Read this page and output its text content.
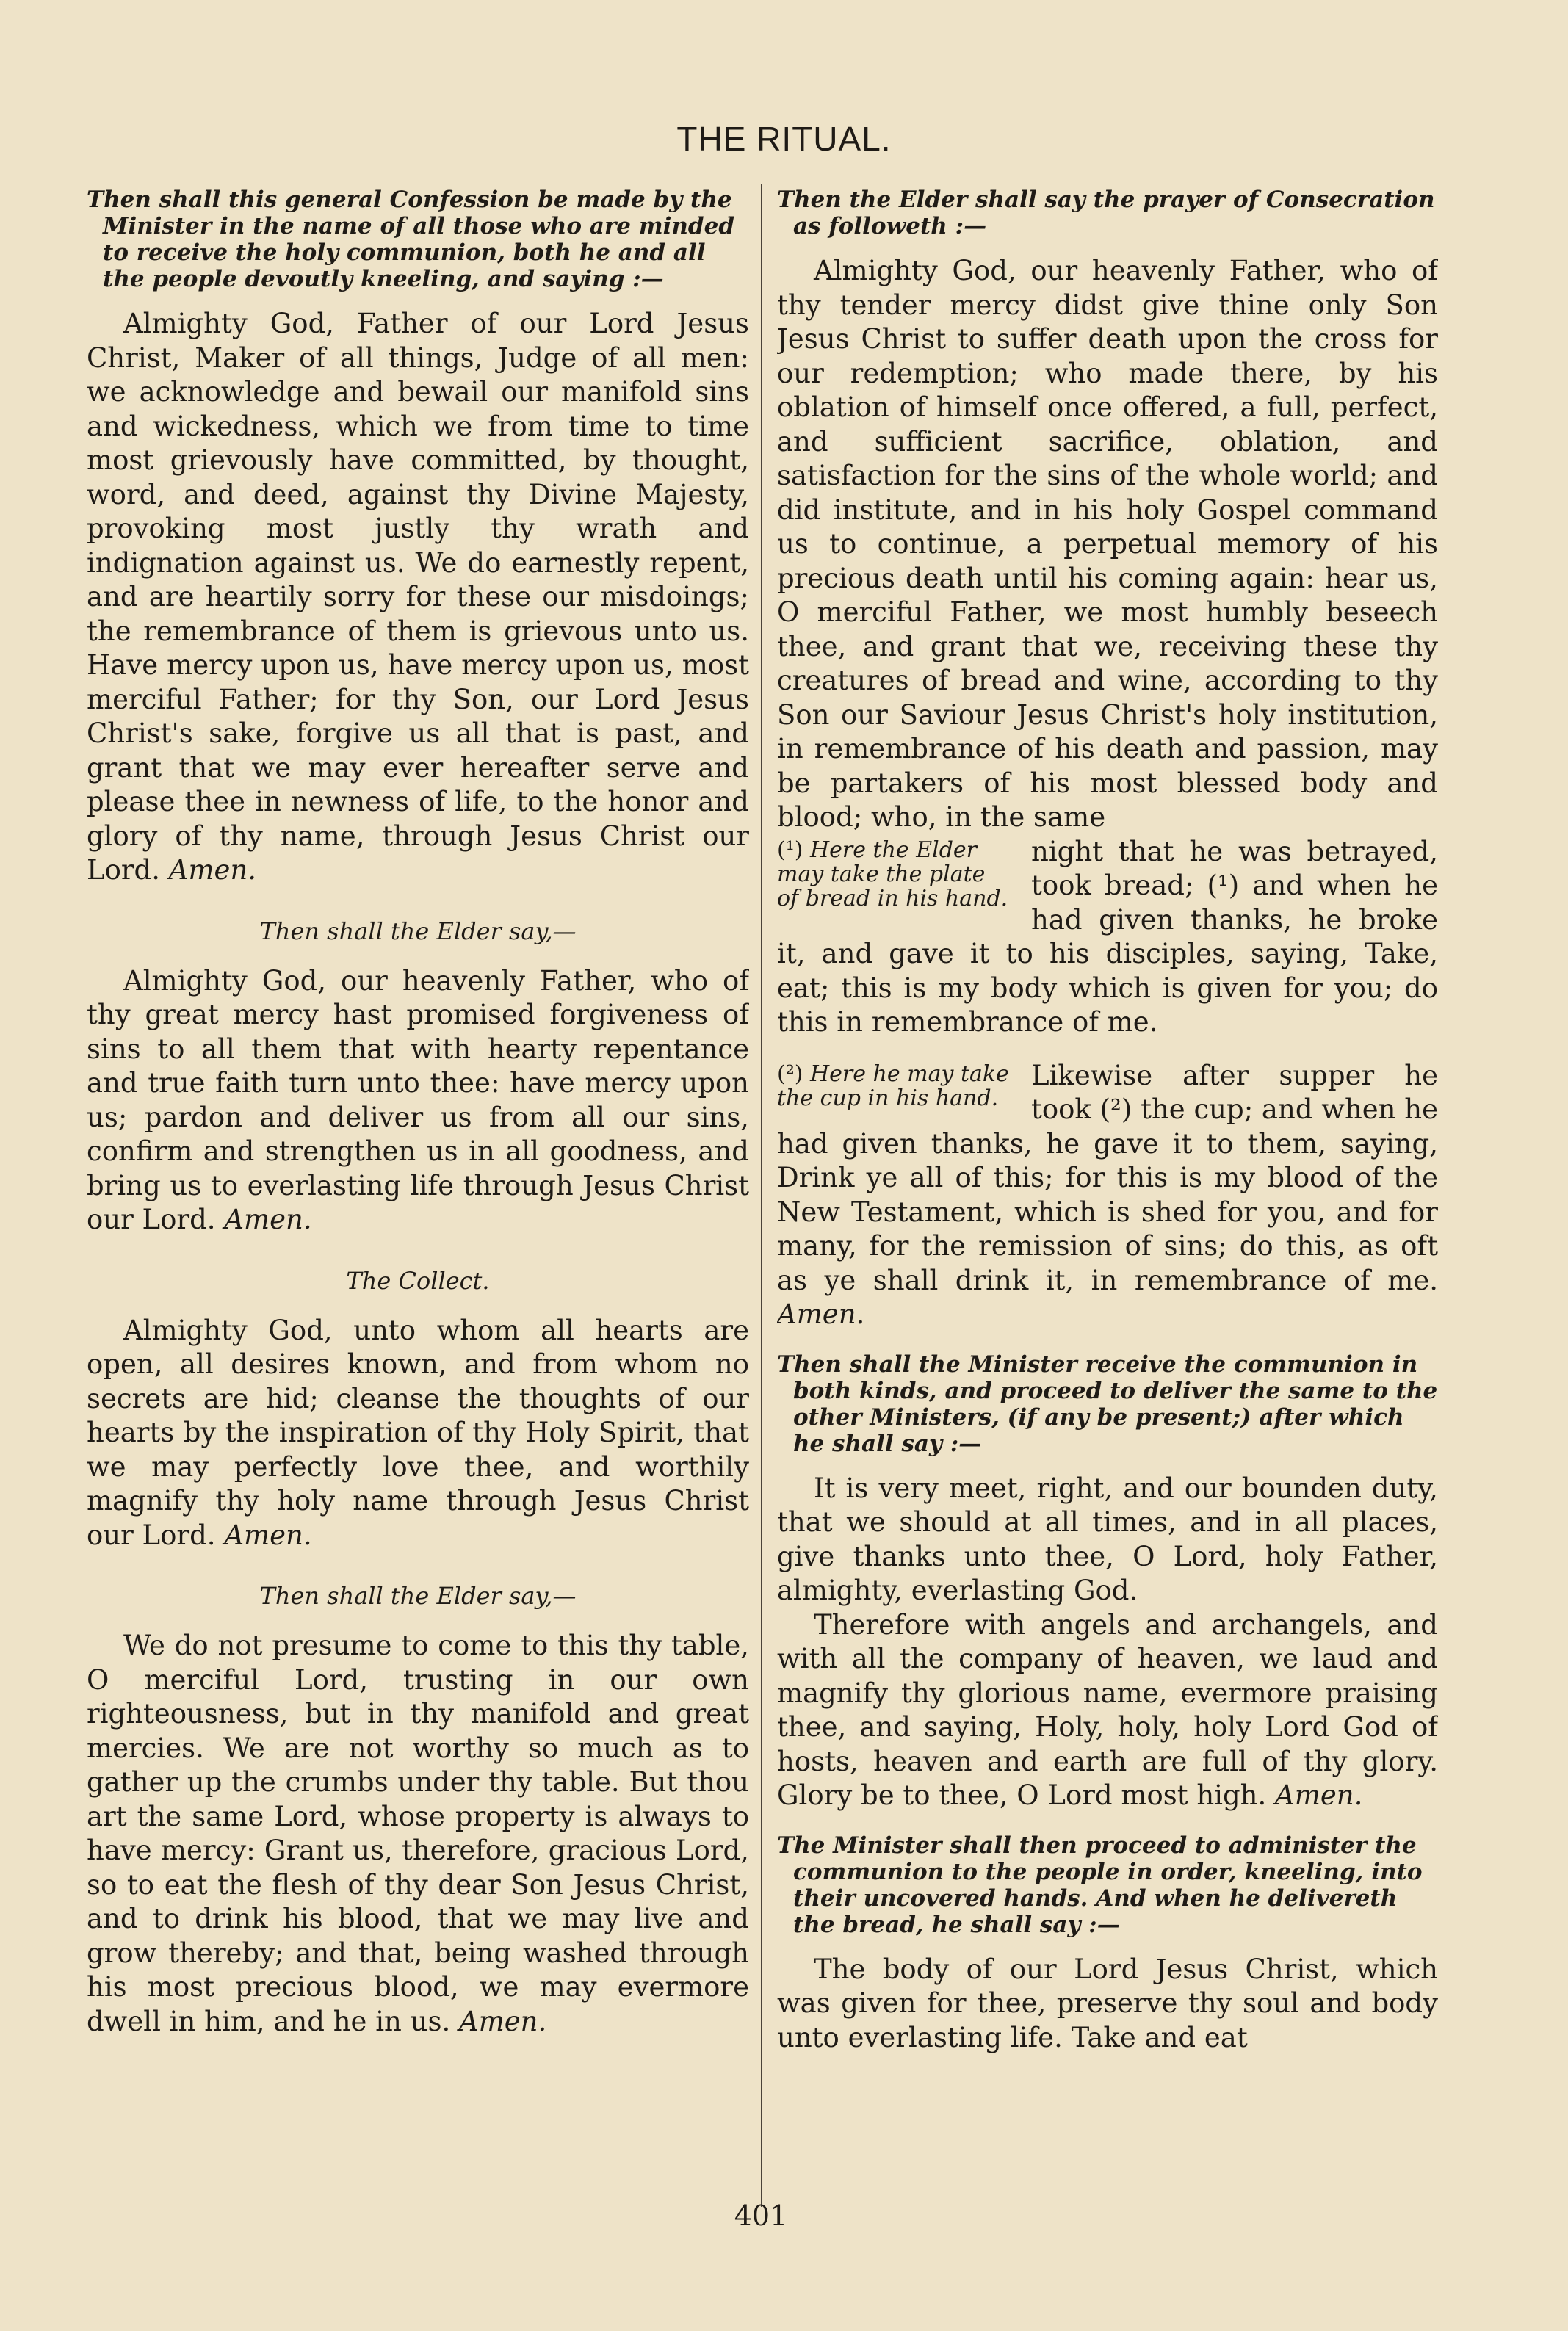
THE RITUAL.

Then shall this general Confession be made by the Minister in the name of all those who are minded to receive the holy communion, both he and all the people devoutly kneeling, and saying :—

Almighty God, Father of our Lord Jesus Christ, Maker of all things, Judge of all men: we acknowledge and bewail our manifold sins and wickedness, which we from time to time most grievously have committed, by thought, word, and deed, against thy Divine Majesty, provoking most justly thy wrath and indignation against us. We do earnestly repent, and are heartily sorry for these our misdoings; the remembrance of them is grievous unto us. Have mercy upon us, have mercy upon us, most merciful Father; for thy Son, our Lord Jesus Christ's sake, forgive us all that is past, and grant that we may ever hereafter serve and please thee in newness of life, to the honor and glory of thy name, through Jesus Christ our Lord. Amen.

Then shall the Elder say,—

Almighty God, our heavenly Father, who of thy great mercy hast promised forgiveness of sins to all them that with hearty repentance and true faith turn unto thee: have mercy upon us; pardon and deliver us from all our sins, confirm and strengthen us in all goodness, and bring us to everlasting life through Jesus Christ our Lord. Amen.

The Collect.

Almighty God, unto whom all hearts are open, all desires known, and from whom no secrets are hid; cleanse the thoughts of our hearts by the inspiration of thy Holy Spirit, that we may perfectly love thee, and worthily magnify thy holy name through Jesus Christ our Lord. Amen.

Then shall the Elder say,—

We do not presume to come to this thy table, O merciful Lord, trusting in our own righteousness, but in thy manifold and great mercies. We are not worthy so much as to gather up the crumbs under thy table. But thou art the same Lord, whose property is always to have mercy: Grant us, therefore, gracious Lord, so to eat the flesh of thy dear Son Jesus Christ, and to drink his blood, that we may live and grow thereby; and that, being washed through his most precious blood, we may evermore dwell in him, and he in us. Amen.

Then the Elder shall say the prayer of Consecration as followeth :—

Almighty God, our heavenly Father, who of thy tender mercy didst give thine only Son Jesus Christ to suffer death upon the cross for our redemption; who made there, by his oblation of himself once offered, a full, perfect, and sufficient sacrifice, oblation, and satisfaction for the sins of the whole world; and did institute, and in his holy Gospel command us to continue, a perpetual memory of his precious death until his coming again: hear us, O merciful Father, we most humbly beseech thee, and grant that we, receiving these thy creatures of bread and wine, according to thy Son our Saviour Jesus Christ's holy institution, in remembrance of his death and passion, may be partakers of his most blessed body and blood; who, in the same

(¹) Here the Elder may take the plate of bread in his hand.

night that he was betrayed, took bread; (¹) and when he had given thanks, he broke it, and gave it to his disciples, saying, Take, eat; this is my body which is given for you; do this in remembrance of me.

(²) Here he may take the cup in his hand.

Likewise after supper he took (²) the cup; and when he had given thanks, he gave it to them, saying, Drink ye all of this; for this is my blood of the New Testament, which is shed for you, and for many, for the remission of sins; do this, as oft as ye shall drink it, in remembrance of me. Amen.

Then shall the Minister receive the communion in both kinds, and proceed to deliver the same to the other Ministers, (if any be present;) after which he shall say :—

It is very meet, right, and our bounden duty, that we should at all times, and in all places, give thanks unto thee, O Lord, holy Father, almighty, everlasting God.

Therefore with angels and archangels, and with all the company of heaven, we laud and magnify thy glorious name, evermore praising thee, and saying, Holy, holy, holy Lord God of hosts, heaven and earth are full of thy glory. Glory be to thee, O Lord most high. Amen.

The Minister shall then proceed to administer the communion to the people in order, kneeling, into their uncovered hands. And when he delivereth the bread, he shall say :—

The body of our Lord Jesus Christ, which was given for thee, preserve thy soul and body unto everlasting life. Take and eat

401
